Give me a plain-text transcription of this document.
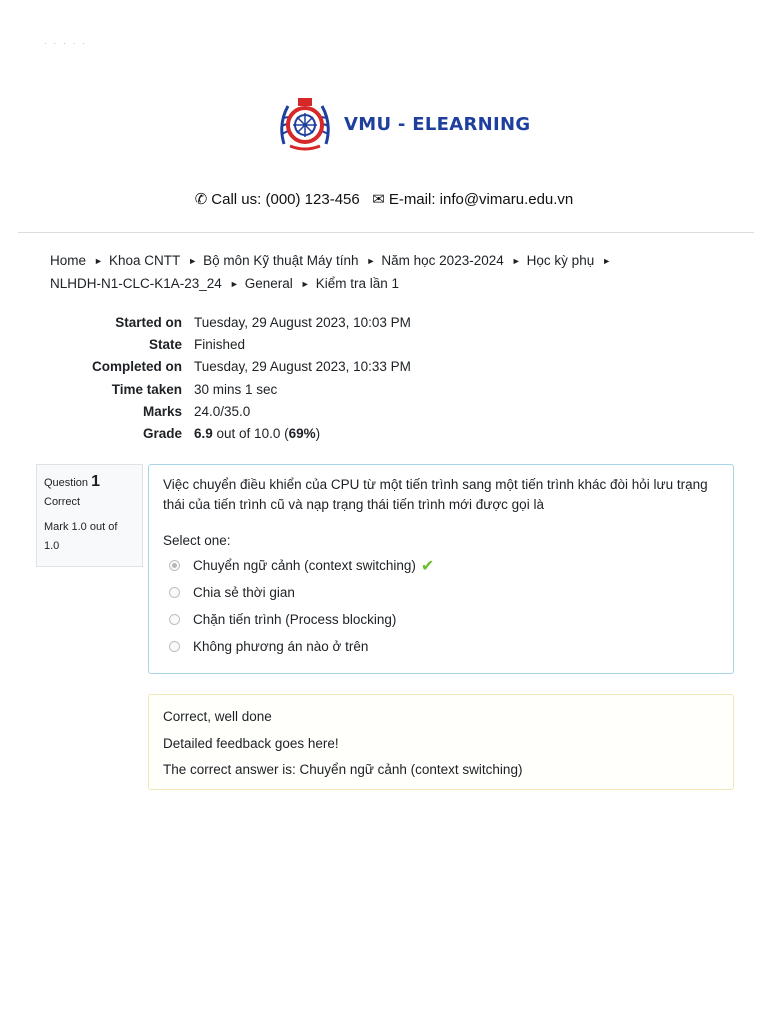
· · · · ·
VMU - ELEARNING
✆ Call us: (000) 123-456 ✉ E-mail: info@vimaru.edu.vn
Home ► Khoa CNTT ► Bộ môn Kỹ thuật Máy tính ► Năm học 2023-2024 ► Học kỳ phụ ►
NLHDH-N1-CLC-K1A-23_24 ► General ► Kiểm tra lần 1
Started on	Tuesday, 29 August 2023, 10:03 PM
State	Finished
Completed on	Tuesday, 29 August 2023, 10:33 PM
Time taken	30 mins 1 sec
Marks	24.0/35.0
Grade	6.9 out of 10.0 (69%)
Question 1
Correct
Mark 1.0 out of 1.0
Việc chuyển điều khiển của CPU từ một tiến trình sang một tiến trình khác đòi hỏi lưu trạng thái của tiến trình cũ và nạp trạng thái tiến trình mới được gọi là
Select one:
Chuyển ngữ cảnh (context switching) ✔
Chia sẻ thời gian
Chặn tiến trình (Process blocking)
Không phương án nào ở trên
Correct, well done
Detailed feedback goes here!
The correct answer is: Chuyển ngữ cảnh (context switching)
